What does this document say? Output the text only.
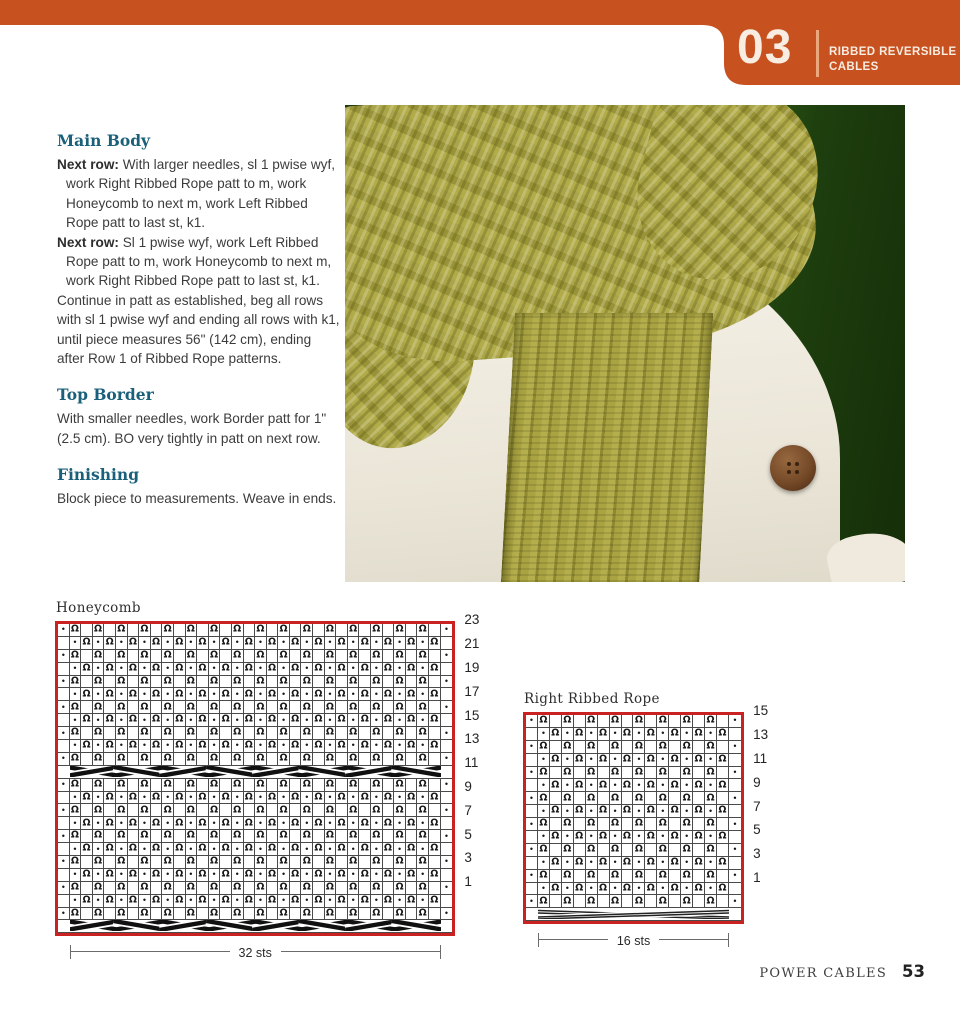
03	RIBBED REVERSIBLE
CABLES
Main Body

Next row: With larger needles, sl 1 pwise wyf, work Right Ribbed Rope patt to m, work Honeycomb to next m, work Left Ribbed Rope patt to last st, k1.

Next row: Sl 1 pwise wyf, work Left Ribbed Rope patt to m, work Honeycomb to next m, work Right Ribbed Rope patt to last st, k1.

Continue in patt as established, beg all rows with sl 1 pwise wyf and ending all rows with k1, until piece measures 56" (142 cm), ending after Row 1 of Ribbed Rope patterns.

Top Border

With smaller needles, work Border patt for 1" (2.5 cm). BO very tightly in patt on next row.

Finishing

Block piece to measurements. Weave in ends.

Honeycomb
• Ω Ω Ω Ω Ω Ω Ω Ω Ω Ω Ω Ω Ω Ω Ω Ω •
• Ω • Ω • Ω • Ω • Ω • Ω • Ω • Ω • Ω • Ω • Ω • Ω • Ω • Ω • Ω • Ω
• Ω Ω Ω Ω Ω Ω Ω Ω Ω Ω Ω Ω Ω Ω Ω Ω •
• Ω • Ω • Ω • Ω • Ω • Ω • Ω • Ω • Ω • Ω • Ω • Ω • Ω • Ω • Ω • Ω
• Ω Ω Ω Ω Ω Ω Ω Ω Ω Ω Ω Ω Ω Ω Ω Ω •
• Ω • Ω • Ω • Ω • Ω • Ω • Ω • Ω • Ω • Ω • Ω • Ω • Ω • Ω • Ω • Ω
• Ω Ω Ω Ω Ω Ω Ω Ω Ω Ω Ω Ω Ω Ω Ω Ω •
• Ω • Ω • Ω • Ω • Ω • Ω • Ω • Ω • Ω • Ω • Ω • Ω • Ω • Ω • Ω • Ω
• Ω Ω Ω Ω Ω Ω Ω Ω Ω Ω Ω Ω Ω Ω Ω Ω •
• Ω • Ω • Ω • Ω • Ω • Ω • Ω • Ω • Ω • Ω • Ω • Ω • Ω • Ω • Ω • Ω
• Ω Ω Ω Ω Ω Ω Ω Ω Ω Ω Ω Ω Ω Ω Ω Ω •
• Ω Ω Ω Ω Ω Ω Ω Ω Ω Ω Ω Ω Ω Ω Ω Ω •
• Ω • Ω • Ω • Ω • Ω • Ω • Ω • Ω • Ω • Ω • Ω • Ω • Ω • Ω • Ω • Ω
• Ω Ω Ω Ω Ω Ω Ω Ω Ω Ω Ω Ω Ω Ω Ω Ω •
• Ω • Ω • Ω • Ω • Ω • Ω • Ω • Ω • Ω • Ω • Ω • Ω • Ω • Ω • Ω • Ω
• Ω Ω Ω Ω Ω Ω Ω Ω Ω Ω Ω Ω Ω Ω Ω Ω •
• Ω • Ω • Ω • Ω • Ω • Ω • Ω • Ω • Ω • Ω • Ω • Ω • Ω • Ω • Ω • Ω
• Ω Ω Ω Ω Ω Ω Ω Ω Ω Ω Ω Ω Ω Ω Ω Ω •
• Ω • Ω • Ω • Ω • Ω • Ω • Ω • Ω • Ω • Ω • Ω • Ω • Ω • Ω • Ω • Ω
• Ω Ω Ω Ω Ω Ω Ω Ω Ω Ω Ω Ω Ω Ω Ω Ω •
• Ω • Ω • Ω • Ω • Ω • Ω • Ω • Ω • Ω • Ω • Ω • Ω • Ω • Ω • Ω • Ω
• Ω Ω Ω Ω Ω Ω Ω Ω Ω Ω Ω Ω Ω Ω Ω Ω •
23
21
19
17
15
13
11
9
7
5
3
1
32 sts
Right Ribbed Rope
• Ω Ω Ω Ω Ω Ω Ω Ω •
• Ω • Ω • Ω • Ω • Ω • Ω • Ω • Ω
• Ω Ω Ω Ω Ω Ω Ω Ω •
• Ω • Ω • Ω • Ω • Ω • Ω • Ω • Ω
• Ω Ω Ω Ω Ω Ω Ω Ω •
• Ω • Ω • Ω • Ω • Ω • Ω • Ω • Ω
• Ω Ω Ω Ω Ω Ω Ω Ω •
• Ω • Ω • Ω • Ω • Ω • Ω • Ω • Ω
• Ω Ω Ω Ω Ω Ω Ω Ω •
• Ω • Ω • Ω • Ω • Ω • Ω • Ω • Ω
• Ω Ω Ω Ω Ω Ω Ω Ω •
• Ω • Ω • Ω • Ω • Ω • Ω • Ω • Ω
• Ω Ω Ω Ω Ω Ω Ω Ω •
• Ω • Ω • Ω • Ω • Ω • Ω • Ω • Ω
• Ω Ω Ω Ω Ω Ω Ω Ω •
15
13
11
9
7
5
3
1
16 sts
POWER CABLES 53
